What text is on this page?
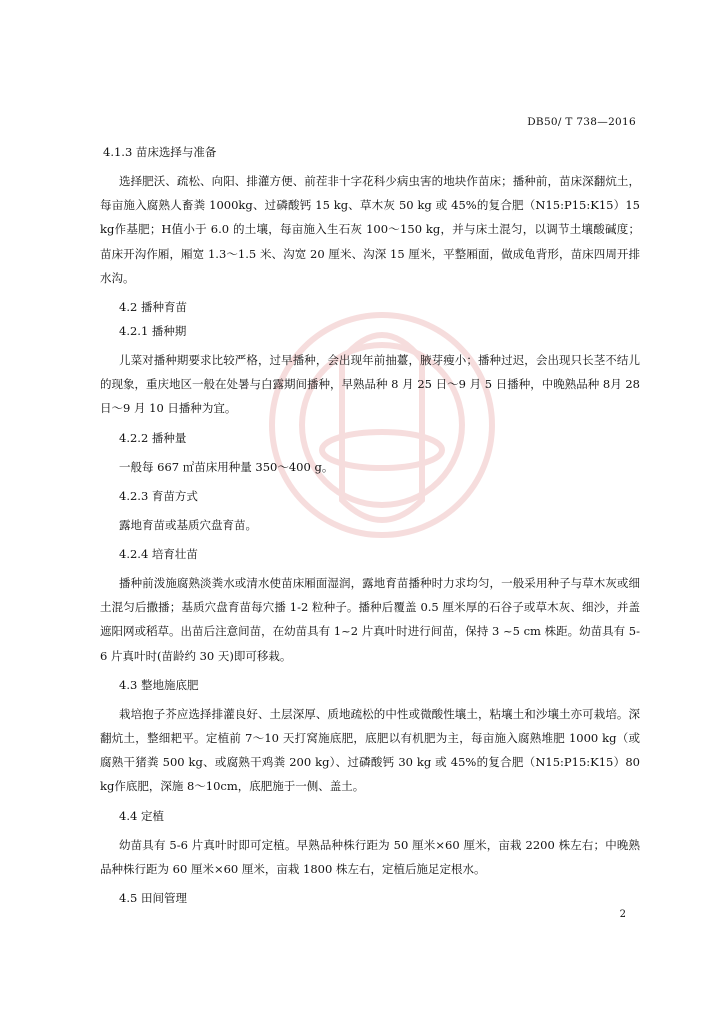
DB50/ T 738—2016

4.1.3 苗床选择与准备

选择肥沃、疏松、向阳、排灌方便、前茬非十字花科少病虫害的地块作苗床；播种前，苗床深翻炕土，每亩施入腐熟人畜粪 1000kg、过磷酸钙 15 kg、草木灰 50 kg 或 45%的复合肥（N15:P15:K15）15 kg作基肥；H值小于 6.0 的土壤，每亩施入生石灰 100～150 kg，并与床土混匀，以调节土壤酸碱度；苗床开沟作厢，厢宽 1.3～1.5 米、沟宽 20 厘米、沟深 15 厘米，平整厢面，做成龟背形，苗床四周开排水沟。

4.2 播种育苗

4.2.1 播种期

儿菜对播种期要求比较严格，过早播种，会出现年前抽薹，腋芽瘦小；播种过迟，会出现只长茎不结儿的现象，重庆地区一般在处暑与白露期间播种，早熟品种 8 月 25 日～9 月 5 日播种，中晚熟品种 8月 28 日～9 月 10 日播种为宜。

4.2.2 播种量

一般每 667 ㎡苗床用种量 350～400 g。

4.2.3 育苗方式

露地育苗或基质穴盘育苗。

4.2.4 培育壮苗

播种前泼施腐熟淡粪水或清水使苗床厢面湿润，露地育苗播种时力求均匀，一般采用种子与草木灰或细土混匀后撒播；基质穴盘育苗每穴播 1-2 粒种子。播种后覆盖 0.5 厘米厚的石谷子或草木灰、细沙，并盖遮阳网或稻草。出苗后注意间苗，在幼苗具有 1~2 片真叶时进行间苗，保持 3 ~5 cm 株距。幼苗具有 5-6 片真叶时(苗龄约 30 天)即可移栽。

4.3 整地施底肥

栽培抱子芥应选择排灌良好、土层深厚、质地疏松的中性或微酸性壤土，粘壤土和沙壤土亦可栽培。深翻炕土，整细耙平。定植前 7～10 天打窝施底肥，底肥以有机肥为主，每亩施入腐熟堆肥 1000 kg（或腐熟干猪粪 500 kg、或腐熟干鸡粪 200 kg）、过磷酸钙 30 kg 或 45%的复合肥（N15:P15:K15）80 kg作底肥，深施 8～10cm，底肥施于一侧、盖土。

4.4 定植

幼苗具有 5-6 片真叶时即可定植。早熟品种株行距为 50 厘米×60 厘米，亩栽 2200 株左右；中晚熟品种株行距为 60 厘米×60 厘米，亩栽 1800 株左右，定植后施足定根水。

4.5 田间管理

2
